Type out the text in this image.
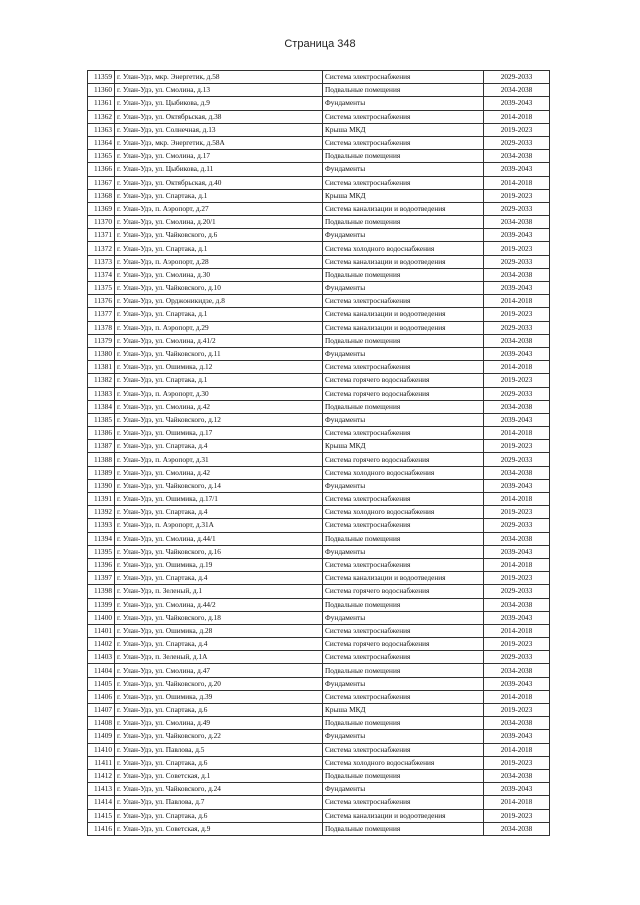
Страница 348
11359	г. Улан-Удэ, мкр. Энергетик, д.58	Система электроснабжения	2029-2033
11360	г. Улан-Удэ, ул. Смолина, д.13	Подвальные помещения	2034-2038
11361	г. Улан-Удэ, ул. Цыбикова, д.9	Фундаменты	2039-2043
11362	г. Улан-Удэ, ул. Октябрьская, д.38	Система электроснабжения	2014-2018
11363	г. Улан-Удэ, ул. Солнечная, д.13	Крыша МКД	2019-2023
11364	г. Улан-Удэ, мкр. Энергетик, д.58А	Система электроснабжения	2029-2033
11365	г. Улан-Удэ, ул. Смолина, д.17	Подвальные помещения	2034-2038
11366	г. Улан-Удэ, ул. Цыбикова, д.11	Фундаменты	2039-2043
11367	г. Улан-Удэ, ул. Октябрьская, д.40	Система электроснабжения	2014-2018
11368	г. Улан-Удэ, ул. Спартака, д.1	Крыша МКД	2019-2023
11369	г. Улан-Удэ, п. Аэропорт, д.27	Система канализации и водоотведения	2029-2033
11370	г. Улан-Удэ, ул. Смолина, д.20/1	Подвальные помещения	2034-2038
11371	г. Улан-Удэ, ул. Чайковского, д.6	Фундаменты	2039-2043
11372	г. Улан-Удэ, ул. Спартака, д.1	Система холодного водоснабжения	2019-2023
11373	г. Улан-Удэ, п. Аэропорт, д.28	Система канализации и водоотведения	2029-2033
11374	г. Улан-Удэ, ул. Смолина, д.30	Подвальные помещения	2034-2038
11375	г. Улан-Удэ, ул. Чайковского, д.10	Фундаменты	2039-2043
11376	г. Улан-Удэ, ул. Орджоникидзе, д.8	Система электроснабжения	2014-2018
11377	г. Улан-Удэ, ул. Спартака, д.1	Система канализации и водоотведения	2019-2023
11378	г. Улан-Удэ, п. Аэропорт, д.29	Система канализации и водоотведения	2029-2033
11379	г. Улан-Удэ, ул. Смолина, д.41/2	Подвальные помещения	2034-2038
11380	г. Улан-Удэ, ул. Чайковского, д.11	Фундаменты	2039-2043
11381	г. Улан-Удэ, ул. Ошимика, д.12	Система электроснабжения	2014-2018
11382	г. Улан-Удэ, ул. Спартака, д.1	Система горячего водоснабжения	2019-2023
11383	г. Улан-Удэ, п. Аэропорт, д.30	Система горячего водоснабжения	2029-2033
11384	г. Улан-Удэ, ул. Смолина, д.42	Подвальные помещения	2034-2038
11385	г. Улан-Удэ, ул. Чайковского, д.12	Фундаменты	2039-2043
11386	г. Улан-Удэ, ул. Ошимика, д.17	Система электроснабжения	2014-2018
11387	г. Улан-Удэ, ул. Спартака, д.4	Крыша МКД	2019-2023
11388	г. Улан-Удэ, п. Аэропорт, д.31	Система горячего водоснабжения	2029-2033
11389	г. Улан-Удэ, ул. Смолина, д.42	Система холодного водоснабжения	2034-2038
11390	г. Улан-Удэ, ул. Чайковского, д.14	Фундаменты	2039-2043
11391	г. Улан-Удэ, ул. Ошимика, д.17/1	Система электроснабжения	2014-2018
11392	г. Улан-Удэ, ул. Спартака, д.4	Система холодного водоснабжения	2019-2023
11393	г. Улан-Удэ, п. Аэропорт, д.31А	Система электроснабжения	2029-2033
11394	г. Улан-Удэ, ул. Смолина, д.44/1	Подвальные помещения	2034-2038
11395	г. Улан-Удэ, ул. Чайковского, д.16	Фундаменты	2039-2043
11396	г. Улан-Удэ, ул. Ошимика, д.19	Система электроснабжения	2014-2018
11397	г. Улан-Удэ, ул. Спартака, д.4	Система канализации и водоотведения	2019-2023
11398	г. Улан-Удэ, п. Зеленый, д.1	Система горячего водоснабжения	2029-2033
11399	г. Улан-Удэ, ул. Смолина, д.44/2	Подвальные помещения	2034-2038
11400	г. Улан-Удэ, ул. Чайковского, д.18	Фундаменты	2039-2043
11401	г. Улан-Удэ, ул. Ошимика, д.28	Система электроснабжения	2014-2018
11402	г. Улан-Удэ, ул. Спартака, д.4	Система горячего водоснабжения	2019-2023
11403	г. Улан-Удэ, п. Зеленый, д.1А	Система электроснабжения	2029-2033
11404	г. Улан-Удэ, ул. Смолина, д.47	Подвальные помещения	2034-2038
11405	г. Улан-Удэ, ул. Чайковского, д.20	Фундаменты	2039-2043
11406	г. Улан-Удэ, ул. Ошимика, д.39	Система электроснабжения	2014-2018
11407	г. Улан-Удэ, ул. Спартака, д.6	Крыша МКД	2019-2023
11408	г. Улан-Удэ, ул. Смолина, д.49	Подвальные помещения	2034-2038
11409	г. Улан-Удэ, ул. Чайковского, д.22	Фундаменты	2039-2043
11410	г. Улан-Удэ, ул. Павлова, д.5	Система электроснабжения	2014-2018
11411	г. Улан-Удэ, ул. Спартака, д.6	Система холодного водоснабжения	2019-2023
11412	г. Улан-Удэ, ул. Советская, д.1	Подвальные помещения	2034-2038
11413	г. Улан-Удэ, ул. Чайковского, д.24	Фундаменты	2039-2043
11414	г. Улан-Удэ, ул. Павлова, д.7	Система электроснабжения	2014-2018
11415	г. Улан-Удэ, ул. Спартака, д.6	Система канализации и водоотведения	2019-2023
11416	г. Улан-Удэ, ул. Советская, д.9	Подвальные помещения	2034-2038
